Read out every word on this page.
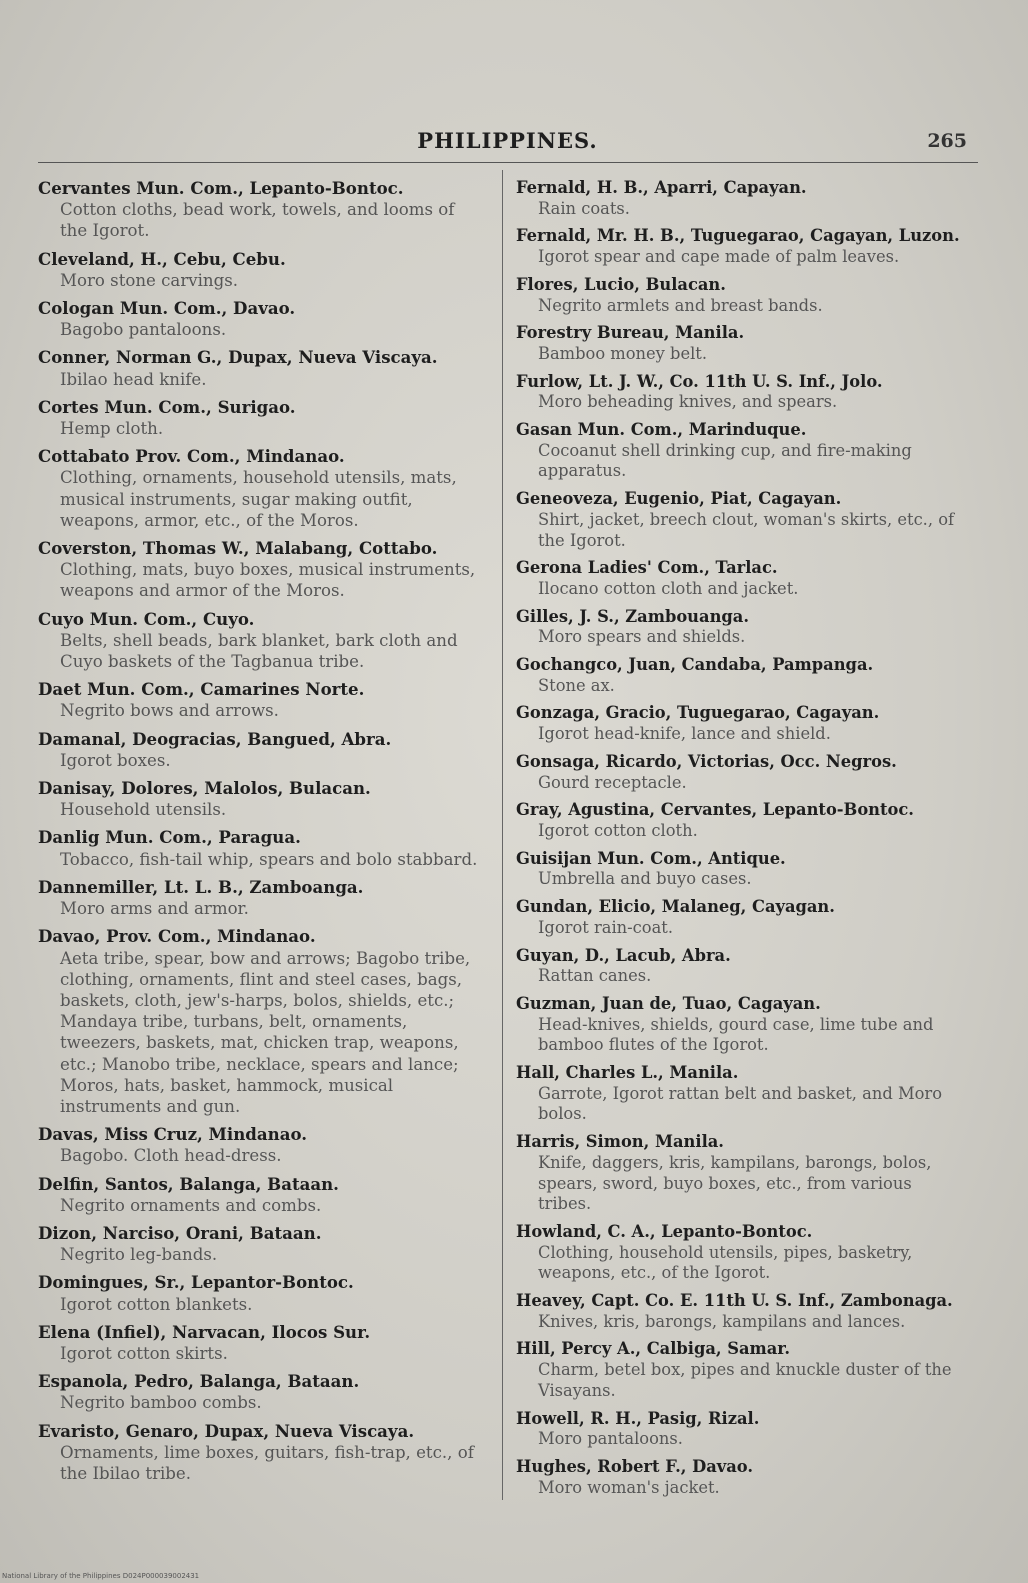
PHILIPPINES.	265
Cervantes Mun. Com., Lepanto-Bontoc.
Cotton cloths, bead work, towels, and looms of the Igorot.
Cleveland, H., Cebu, Cebu.
Moro stone carvings.
Cologan Mun. Com., Davao.
Bagobo pantaloons.
Conner, Norman G., Dupax, Nueva Viscaya.
Ibilao head knife.
Cortes Mun. Com., Surigao.
Hemp cloth.
Cottabato Prov. Com., Mindanao.
Clothing, ornaments, household utensils, mats, musical instruments, sugar making outfit, weapons, armor, etc., of the Moros.
Coverston, Thomas W., Malabang, Cottabo.
Clothing, mats, buyo boxes, musical instruments, weapons and armor of the Moros.
Cuyo Mun. Com., Cuyo.
Belts, shell beads, bark blanket, bark cloth and Cuyo baskets of the Tagbanua tribe.
Daet Mun. Com., Camarines Norte.
Negrito bows and arrows.
Damanal, Deogracias, Bangued, Abra.
Igorot boxes.
Danisay, Dolores, Malolos, Bulacan.
Household utensils.
Danlig Mun. Com., Paragua.
Tobacco, fish-tail whip, spears and bolo stabbard.
Dannemiller, Lt. L. B., Zamboanga.
Moro arms and armor.
Davao, Prov. Com., Mindanao.
Aeta tribe, spear, bow and arrows; Bagobo tribe, clothing, ornaments, flint and steel cases, bags, baskets, cloth, jew's-harps, bolos, shields, etc.; Mandaya tribe, turbans, belt, ornaments, tweezers, baskets, mat, chicken trap, weapons, etc.; Manobo tribe, necklace, spears and lance; Moros, hats, basket, hammock, musical instruments and gun.
Davas, Miss Cruz, Mindanao.
Bagobo. Cloth head-dress.
Delfin, Santos, Balanga, Bataan.
Negrito ornaments and combs.
Dizon, Narciso, Orani, Bataan.
Negrito leg-bands.
Domingues, Sr., Lepantor-Bontoc.
Igorot cotton blankets.
Elena (Infiel), Narvacan, Ilocos Sur.
Igorot cotton skirts.
Espanola, Pedro, Balanga, Bataan.
Negrito bamboo combs.
Evaristo, Genaro, Dupax, Nueva Viscaya.
Ornaments, lime boxes, guitars, fish-trap, etc., of the Ibilao tribe.
Fernald, H. B., Aparri, Capayan.
Rain coats.
Fernald, Mr. H. B., Tuguegarao, Cagayan, Luzon.
Igorot spear and cape made of palm leaves.
Flores, Lucio, Bulacan.
Negrito armlets and breast bands.
Forestry Bureau, Manila.
Bamboo money belt.
Furlow, Lt. J. W., Co. 11th U. S. Inf., Jolo.
Moro beheading knives, and spears.
Gasan Mun. Com., Marinduque.
Cocoanut shell drinking cup, and fire-making apparatus.
Geneoveza, Eugenio, Piat, Cagayan.
Shirt, jacket, breech clout, woman's skirts, etc., of the Igorot.
Gerona Ladies' Com., Tarlac.
Ilocano cotton cloth and jacket.
Gilles, J. S., Zambouanga.
Moro spears and shields.
Gochangco, Juan, Candaba, Pampanga.
Stone ax.
Gonzaga, Gracio, Tuguegarao, Cagayan.
Igorot head-knife, lance and shield.
Gonsaga, Ricardo, Victorias, Occ. Negros.
Gourd receptacle.
Gray, Agustina, Cervantes, Lepanto-Bontoc.
Igorot cotton cloth.
Guisijan Mun. Com., Antique.
Umbrella and buyo cases.
Gundan, Elicio, Malaneg, Cayagan.
Igorot rain-coat.
Guyan, D., Lacub, Abra.
Rattan canes.
Guzman, Juan de, Tuao, Cagayan.
Head-knives, shields, gourd case, lime tube and bamboo flutes of the Igorot.
Hall, Charles L., Manila.
Garrote, Igorot rattan belt and basket, and Moro bolos.
Harris, Simon, Manila.
Knife, daggers, kris, kampilans, barongs, bolos, spears, sword, buyo boxes, etc., from various tribes.
Howland, C. A., Lepanto-Bontoc.
Clothing, household utensils, pipes, basketry, weapons, etc., of the Igorot.
Heavey, Capt. Co. E. 11th U. S. Inf., Zambonaga.
Knives, kris, barongs, kampilans and lances.
Hill, Percy A., Calbiga, Samar.
Charm, betel box, pipes and knuckle duster of the Visayans.
Howell, R. H., Pasig, Rizal.
Moro pantaloons.
Hughes, Robert F., Davao.
Moro woman's jacket.
National Library of the Philippines D024P000039002431
